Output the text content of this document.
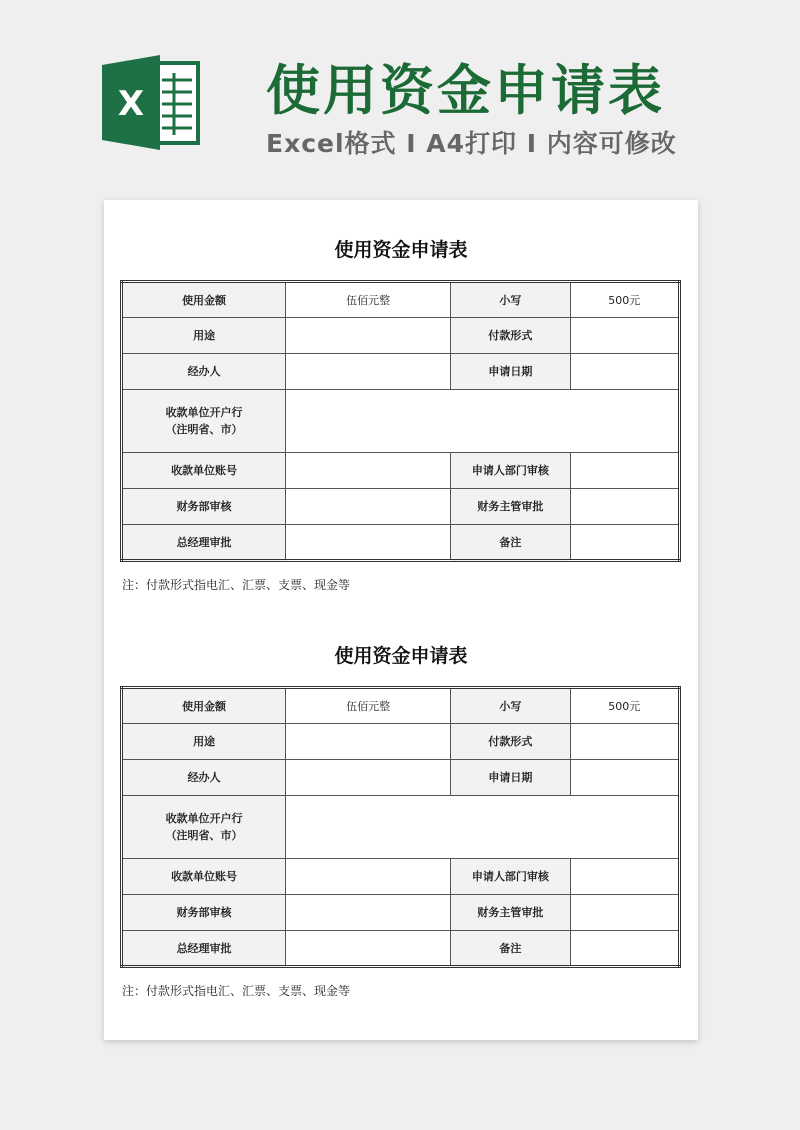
X 使用资金申请表
Excel格式 I A4打印 I 内容可修改
使用资金申请表
使用金额	伍佰元整	小写	500元
用途		付款形式	
经办人		申请日期	

收款单位开户行
（注明省、市）			

收款单位账号		申请人部门审核	
财务部审核		财务主管审批	
总经理审批		备注	
注：付款形式指电汇、汇票、支票、现金等
使用资金申请表
使用金额	伍佰元整	小写	500元
用途		付款形式	
经办人		申请日期	

收款单位开户行
（注明省、市）			

收款单位账号		申请人部门审核	
财务部审核		财务主管审批	
总经理审批		备注	
注：付款形式指电汇、汇票、支票、现金等
